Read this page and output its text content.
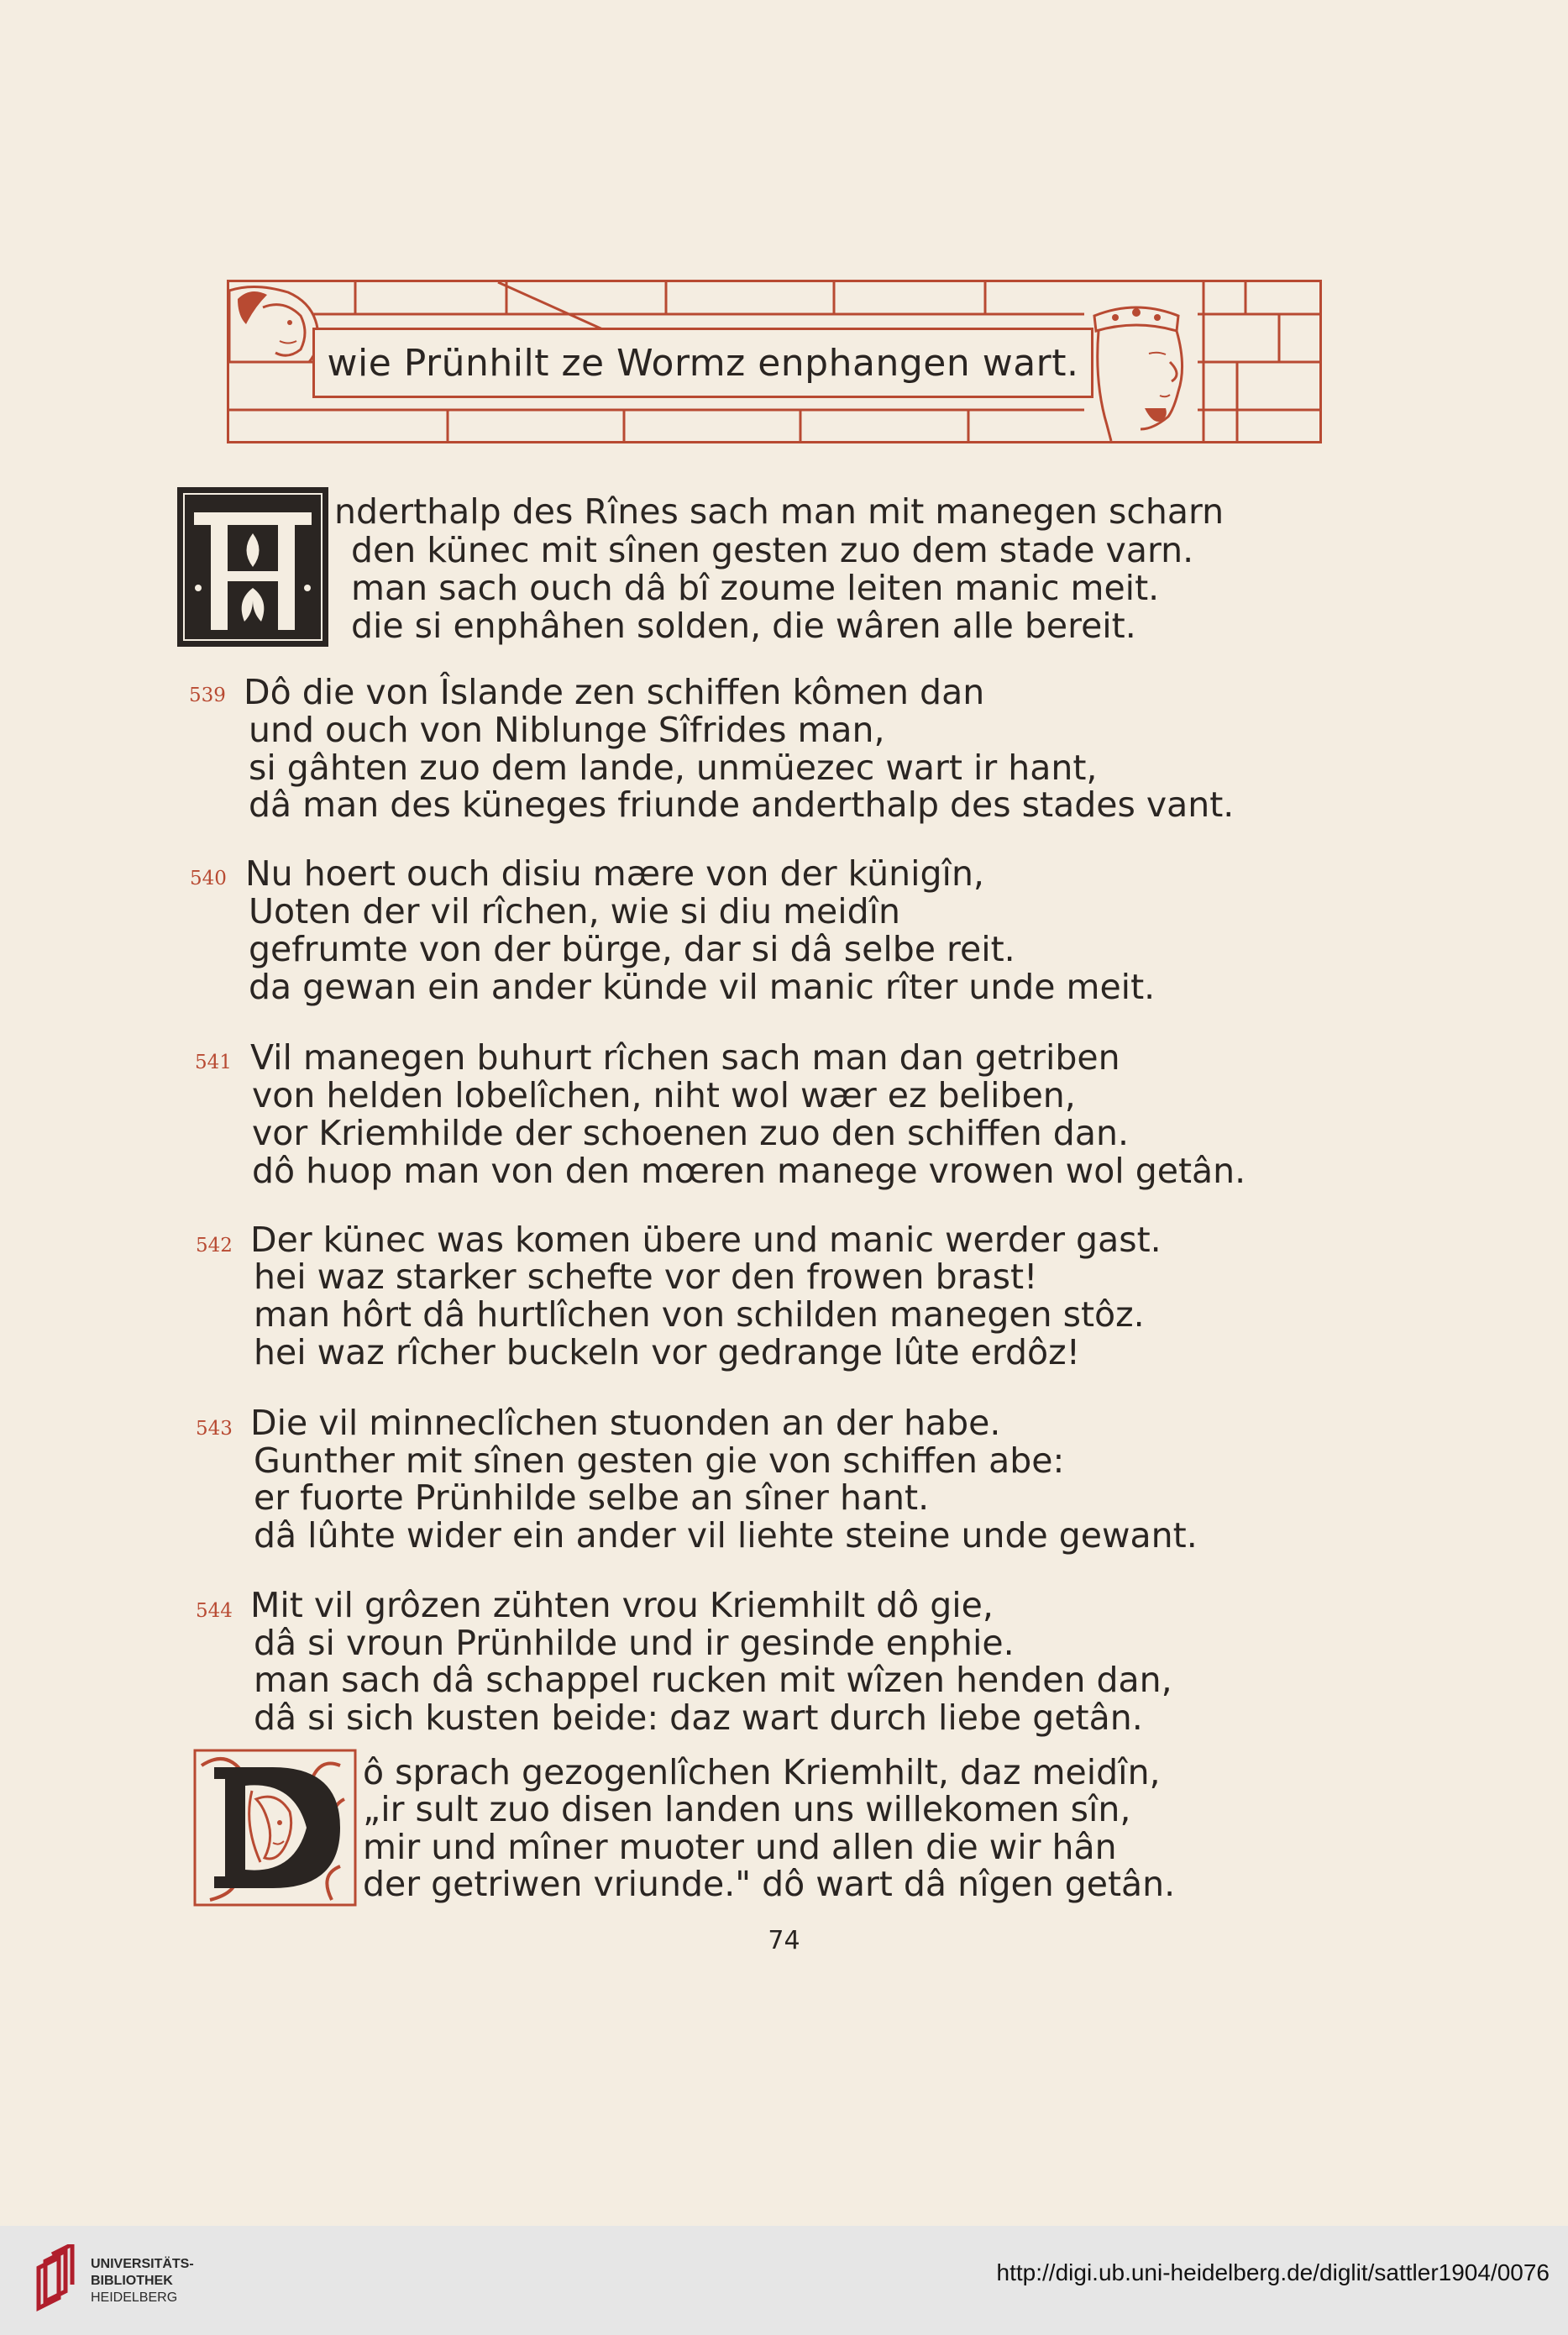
wie Prünhilt ze Wormz enphangen wart.
nderthalp des Rînes sach man mit manegen scharn
den künec mit sînen gesten zuo dem stade varn.
man sach ouch dâ bî zoume leiten manic meit.
die si enphâhen solden, die wâren alle bereit.
539 Dô die von Îslande zen schiffen kômen dan
und ouch von Niblunge Sîfrides man,
si gâhten zuo dem lande, unmüezec wart ir hant,
dâ man des küneges friunde anderthalp des stades vant.
540 Nu hoert ouch disiu mære von der künigîn,
Uoten der vil rîchen, wie si diu meidîn
gefrumte von der bürge, dar si dâ selbe reit.
da gewan ein ander künde vil manic rîter unde meit.
541 Vil manegen buhurt rîchen sach man dan getriben
von helden lobelîchen, niht wol wær ez beliben,
vor Kriemhilde der schoenen zuo den schiffen dan.
dô huop man von den mœren manege vrowen wol getân.
542 Der künec was komen übere und manic werder gast.
hei waz starker schefte vor den frowen brast!
man hôrt dâ hurtlîchen von schilden manegen stôz.
hei waz rîcher buckeln vor gedrange lûte erdôz!
543 Die vil minneclîchen stuonden an der habe.
Gunther mit sînen gesten gie von schiffen abe:
er fuorte Prünhilde selbe an sîner hant.
dâ lûhte wider ein ander vil liehte steine unde gewant.
544 Mit vil grôzen zühten vrou Kriemhilt dô gie,
dâ si vroun Prünhilde und ir gesinde enphie.
man sach dâ schappel rucken mit wîzen henden dan,
dâ si sich kusten beide: daz wart durch liebe getân.
ô sprach gezogenlîchen Kriemhilt, daz meidîn,
„ir sult zuo disen landen uns willekomen sîn,
mir und mîner muoter und allen die wir hân
der getriwen vriunde." dô wart dâ nîgen getân.
74
UNIVERSITÄTS-
BIBLIOTHEK
HEIDELBERG
http://digi.ub.uni-heidelberg.de/diglit/sattler1904/0076
